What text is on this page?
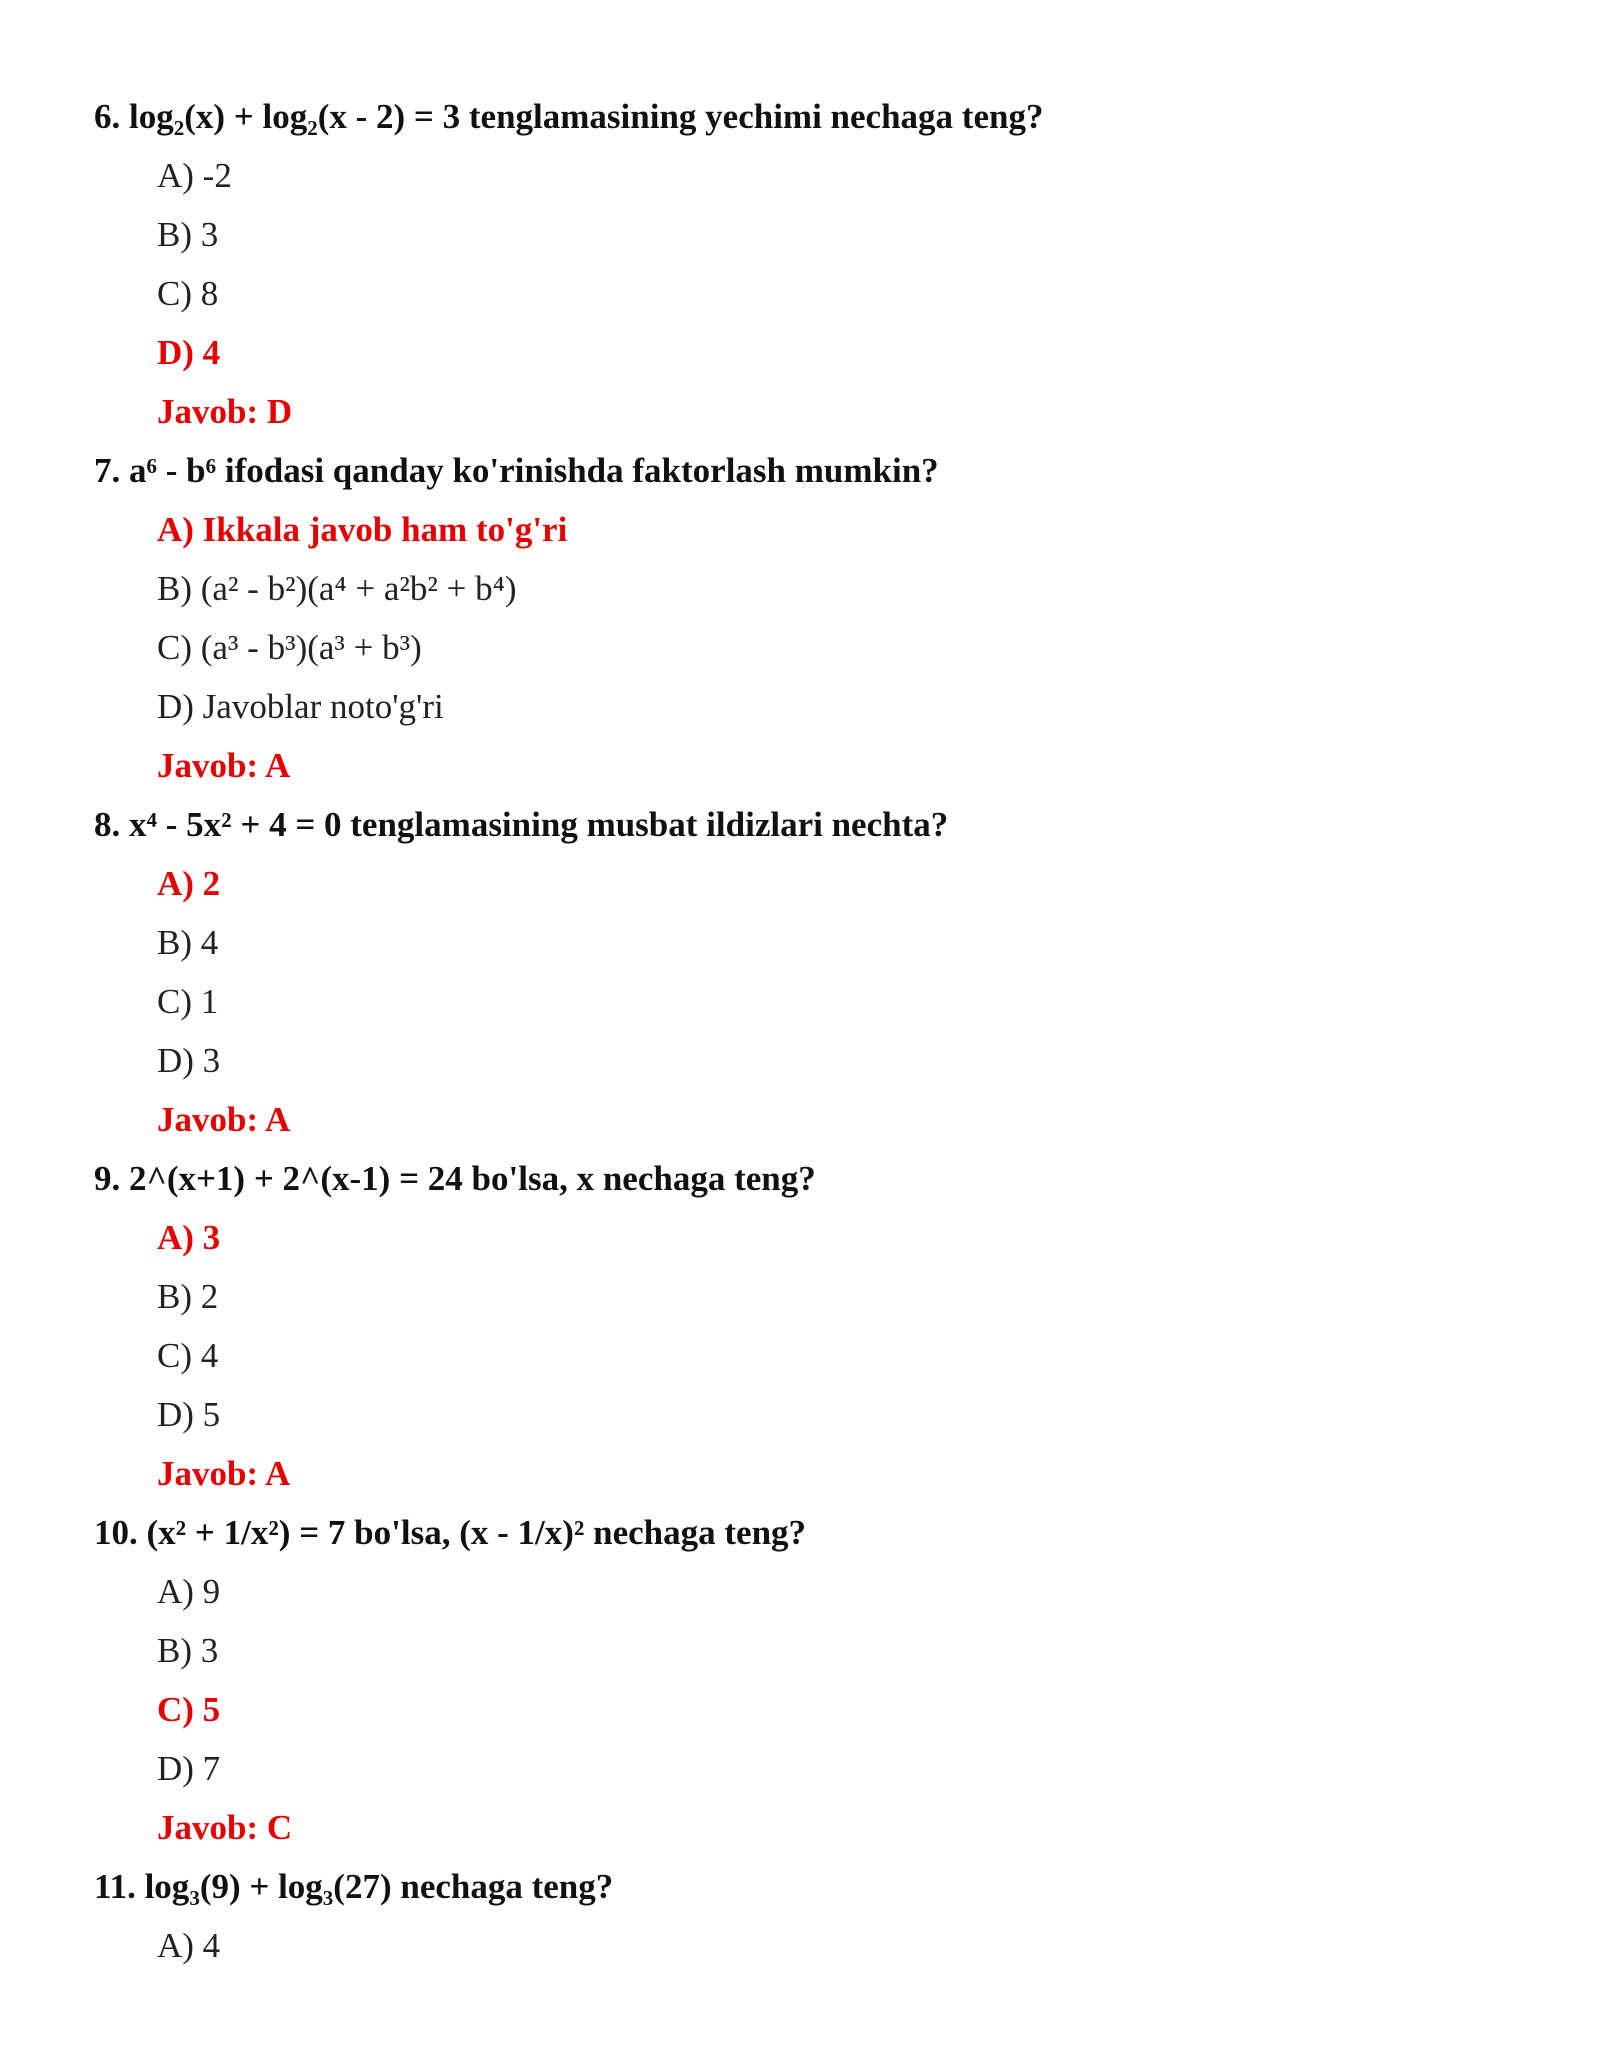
6. $\log_2(x) + \log_2(x - 2) = 3$ tenglamasining yechimi nechaga teng?
A) -2
B) 3
C) 8
D) 4
Javob: D
7. a⁶ - b⁶ ifodasi qanday ko'rinishda faktorlash mumkin?
A) Ikkala javob ham to'g'ri
B) (a² - b²)(a⁴ + a²b² + b⁴)
C) (a³ - b³)(a³ + b³)
D) Javoblar noto'g'ri
Javob: A
8. x⁴ - 5x² + 4 = 0 tenglamasining musbat ildizlari nechta?
A) 2
B) 4
C) 1
D) 3
Javob: A
9. 2^(x+1) + 2^(x-1) = 24 bo'lsa, x nechaga teng?
A) 3
B) 2
C) 4
D) 5
Javob: A
10. (x² + 1/x²) = 7 bo'lsa, (x - 1/x)² nechaga teng?
A) 9
B) 3
C) 5
D) 7
Javob: C
11. $\log_3(9) + \log_3(27)$ nechaga teng?
A) 4
